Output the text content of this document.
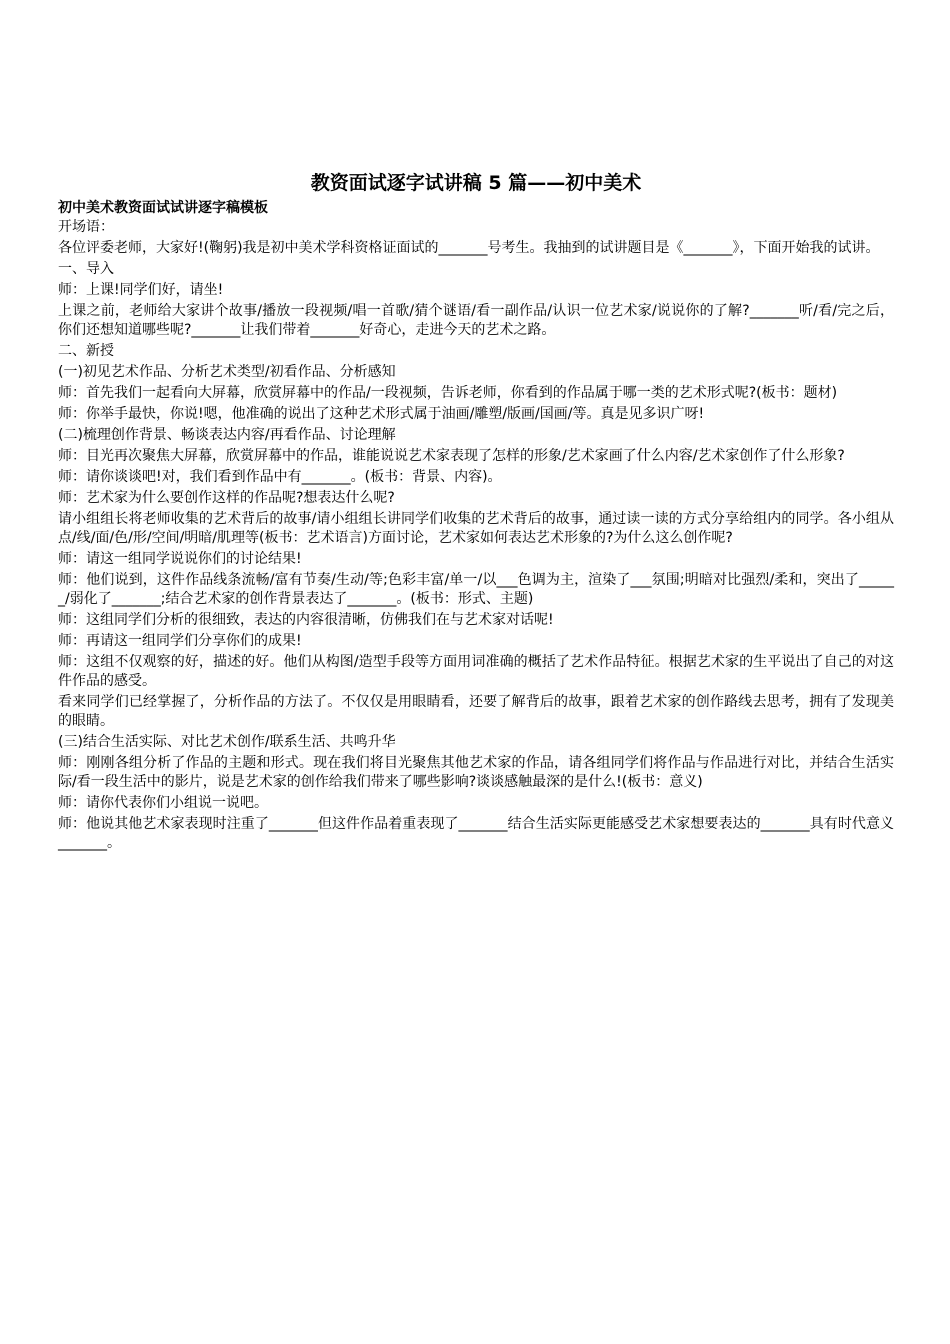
教资面试逐字试讲稿 5 篇——初中美术
初中美术教资面试试讲逐字稿模板
开场语：
各位评委老师，大家好!(鞠躬)我是初中美术学科资格证面试的_______号考生。我抽到的试讲题目是《_______》，下面开始我的试讲。
一、导入
师：上课!同学们好，请坐!
上课之前，老师给大家讲个故事/播放一段视频/唱一首歌/猜个谜语/看一副作品/认识一位艺术家/说说你的了解?_______听/看/完之后，你们还想知道哪些呢?_______让我们带着_______好奇心，走进今天的艺术之路。
二、新授
(一)初见艺术作品、分析艺术类型/初看作品、分析感知
师：首先我们一起看向大屏幕，欣赏屏幕中的作品/一段视频，告诉老师，你看到的作品属于哪一类的艺术形式呢?(板书：题材)
师：你举手最快，你说!嗯，他准确的说出了这种艺术形式属于油画/雕塑/版画/国画/等。真是见多识广呀!
(二)梳理创作背景、畅谈表达内容/再看作品、讨论理解
师：目光再次聚焦大屏幕，欣赏屏幕中的作品，谁能说说艺术家表现了怎样的形象/艺术家画了什么内容/艺术家创作了什么形象?
师：请你谈谈吧!对，我们看到作品中有_______。(板书：背景、内容)。
师：艺术家为什么要创作这样的作品呢?想表达什么呢?
请小组组长将老师收集的艺术背后的故事/请小组组长讲同学们收集的艺术背后的故事，通过读一读的方式分享给组内的同学。各小组从点/线/面/色/形/空间/明暗/肌理等(板书：艺术语言)方面讨论，艺术家如何表达艺术形象的?为什么这么创作呢?
师：请这一组同学说说你们的讨论结果!
师：他们说到，这件作品线条流畅/富有节奏/生动/等;色彩丰富/单一/以___色调为主，渲染了___氛围;明暗对比强烈/柔和，突出了______/弱化了_______;结合艺术家的创作背景表达了_______。(板书：形式、主题)
师：这组同学们分析的很细致，表达的内容很清晰，仿佛我们在与艺术家对话呢!
师：再请这一组同学们分享你们的成果!
师：这组不仅观察的好，描述的好。他们从构图/造型手段等方面用词准确的概括了艺术作品特征。根据艺术家的生平说出了自己的对这件作品的感受。
看来同学们已经掌握了，分析作品的方法了。不仅仅是用眼睛看，还要了解背后的故事，跟着艺术家的创作路线去思考，拥有了发现美的眼睛。
(三)结合生活实际、对比艺术创作/联系生活、共鸣升华
师：刚刚各组分析了作品的主题和形式。现在我们将目光聚焦其他艺术家的作品，请各组同学们将作品与作品进行对比，并结合生活实际/看一段生活中的影片，说是艺术家的创作给我们带来了哪些影响?谈谈感触最深的是什么!(板书：意义)
师：请你代表你们小组说一说吧。
师：他说其他艺术家表现时注重了_______但这件作品着重表现了_______结合生活实际更能感受艺术家想要表达的_______具有时代意义_______。
